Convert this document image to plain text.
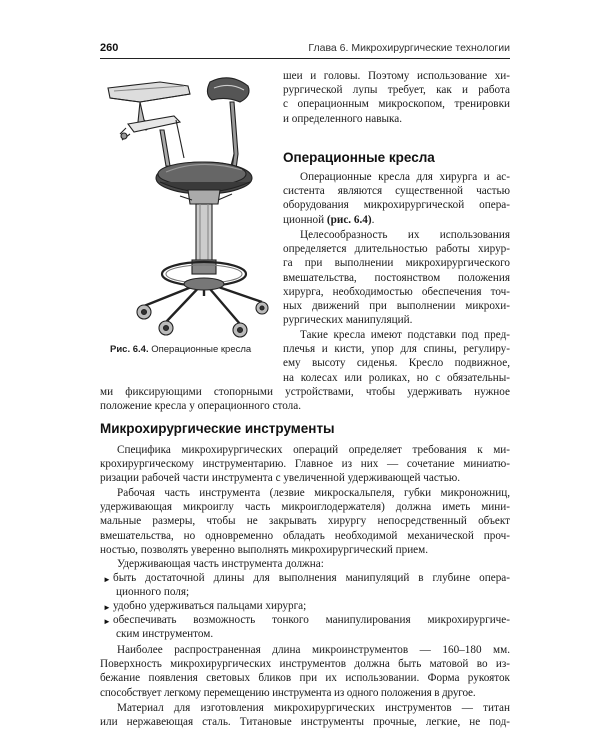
260	Глава 6. Микрохирургические технологии
Рис. 6.4. Операционные кресла
шеи и головы. Поэтому использование хи-
рургической лупы требует, как и работа
с операционным микроскопом, тренировки
и определенного навыка.
Операционные кресла
Операционные кресла для хирурга и ас-
систента являются существенной частью
оборудования микрохирургической опера-
ционной (рис. 6.4).
Целесообразность их использования
определяется длительностью работы хирур-
га при выполнении микрохирургического
вмешательства, постоянством положения
хирурга, необходимостью обеспечения точ-
ных движений при выполнении микрохи-
рургических манипуляций.
Такие кресла имеют подставки под пред-
плечья и кисти, упор для спины, регулиру-
ему высоту сиденья. Кресло подвижное,
на колесах или роликах, но с обязательны-
ми фиксирующими стопорными устройствами, чтобы удерживать нужное
положение кресла у операционного стола.
Микрохирургические инструменты
Специфика микрохирургических операций определяет требования к ми-
крохирургическому инструментарию. Главное из них — сочетание миниатю-
ризации рабочей части инструмента с увеличенной удерживающей частью.
Рабочая часть инструмента (лезвие микроскальпеля, губки микроножниц,
удерживающая микроиглу часть микроиглодержателя) должна иметь мини-
мальные размеры, чтобы не закрывать хирургу непосредственный объект
вмешательства, но одновременно обладать необходимой механической проч-
ностью, позволять уверенно выполнять микрохирургический прием.
Удерживающая часть инструмента должна:
► быть достаточной длины для выполнения манипуляций в глубине опера-
ционного поля;
► удобно удерживаться пальцами хирурга;
► обеспечивать возможность тонкого манипулирования микрохирургиче-
ским инструментом.
Наиболее распространенная длина микроинструментов — 160–180 мм.
Поверхность микрохирургических инструментов должна быть матовой во из-
бежание появления световых бликов при их использовании. Форма рукояток
способствует легкому перемещению инструмента из одного положения в другое.
Материал для изготовления микрохирургических инструментов — титан
или нержавеющая сталь. Титановые инструменты прочные, легкие, не под-
